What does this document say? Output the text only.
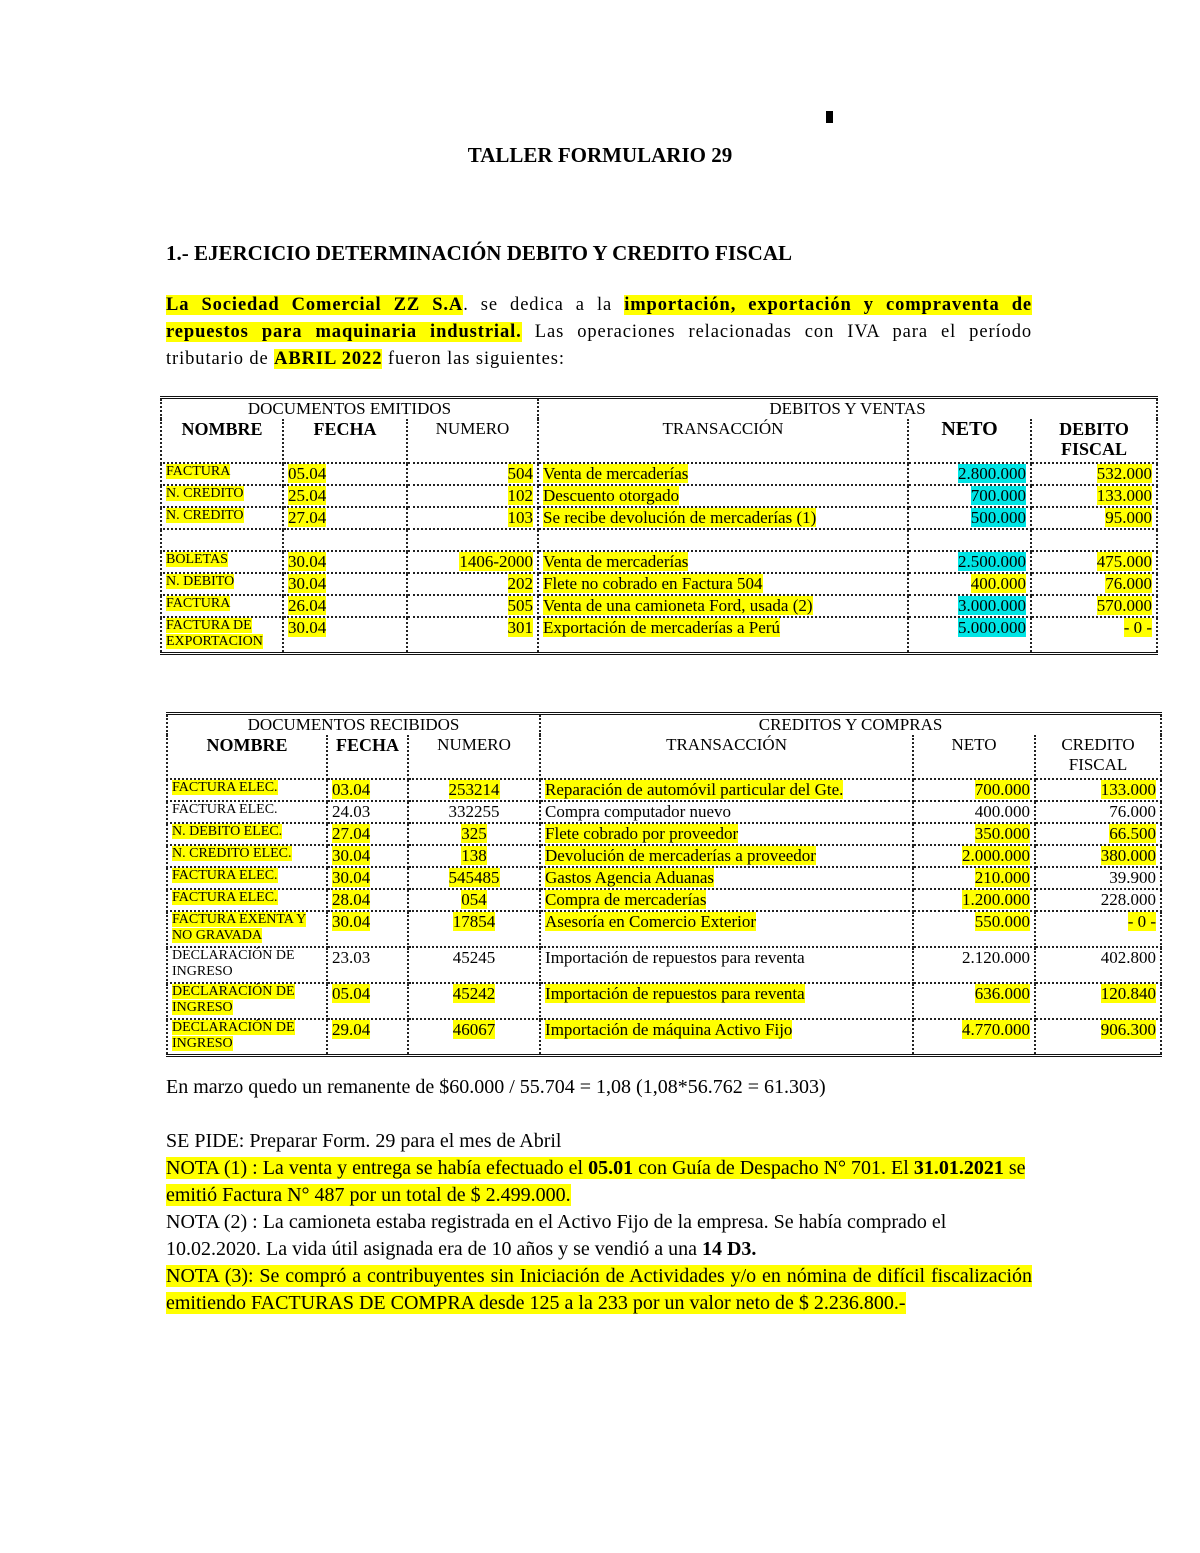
TALLER FORMULARIO 29
1.- EJERCICIO DETERMINACIÓN DEBITO Y CREDITO FISCAL
La Sociedad Comercial ZZ S.A. se dedica a la importación, exportación y compraventa de repuestos para maquinaria industrial. Las operaciones relacionadas con IVA para el período tributario de ABRIL 2022 fueron las siguientes:
DOCUMENTOS EMITIDOS			DEBITOS Y VENTAS		
NOMBRE	FECHA	NUMERO	TRANSACCIÓN	NETO	DEBITO FISCAL
FACTURA	05.04	504	Venta de mercaderías	2.800.000	532.000
N. CREDITO	25.04	102	Descuento otorgado	700.000	133.000
N. CREDITO	27.04	103	Se recibe devolución de mercaderías (1)	500.000	95.000

BOLETAS	30.04	1406-2000	Venta de mercaderías	2.500.000	475.000
N. DEBITO	30.04	202	Flete no cobrado en Factura 504	400.000	76.000
FACTURA	26.04	505	Venta de una camioneta Ford, usada (2)	3.000.000	570.000
FACTURA DE EXPORTACION	30.04	301	Exportación de mercaderías a Perú	5.000.000	- 0 -
DOCUMENTOS RECIBIDOS			CREDITOS Y COMPRAS		
NOMBRE	FECHA	NUMERO	TRANSACCIÓN	NETO	CREDITO FISCAL
FACTURA ELEC.	03.04	253214	Reparación de automóvil particular del Gte.	700.000	133.000
FACTURA ELEC.	24.03	332255	Compra computador nuevo	400.000	76.000
N. DEBITO ELEC.	27.04	325	Flete cobrado por proveedor	350.000	66.500
N. CREDITO ELEC.	30.04	138	Devolución de mercaderías a proveedor	2.000.000	380.000
FACTURA ELEC.	30.04	545485	Gastos Agencia Aduanas	210.000	39.900
FACTURA ELEC.	28.04	054	Compra de mercaderías	1.200.000	228.000
FACTURA EXENTA Y NO GRAVADA	30.04	17854	Asesoría en Comercio Exterior	550.000	- 0 -
DECLARACIÓN DE INGRESO	23.03	45245	Importación de repuestos para reventa	2.120.000	402.800
DECLARACIÓN DE INGRESO	05.04	45242	Importación de repuestos para reventa	636.000	120.840
DECLARACIÓN DE INGRESO	29.04	46067	Importación de máquina Activo Fijo	4.770.000	906.300

En marzo quedo un remanente de $60.000 / 55.704 = 1,08 (1,08*56.762 = 61.303)

SE PIDE: Preparar Form. 29 para el mes de Abril

NOTA (1) : La venta y entrega se había efectuado el 05.01 con Guía de Despacho N° 701. El 31.01.2021 se emitió Factura N° 487 por un total de $ 2.499.000.

NOTA (2) : La camioneta estaba registrada en el Activo Fijo de la empresa. Se había comprado el 10.02.2020. La vida útil asignada era de 10 años y se vendió a una 14 D3.

NOTA (3): Se compró a contribuyentes sin Iniciación de Actividades y/o en nómina de difícil fiscalización emitiendo FACTURAS DE COMPRA desde 125 a la 233 por un valor neto de $ 2.236.800.-
